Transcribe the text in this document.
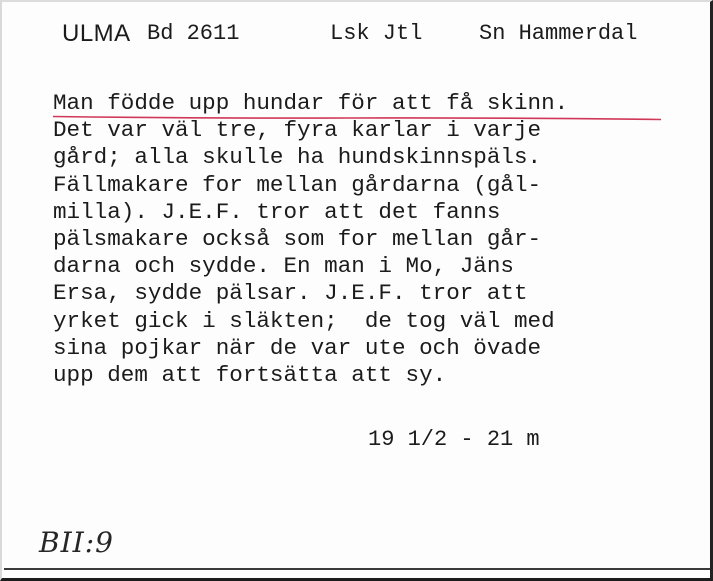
ULMA Bd 2611	Lsk Jtl	Sn Hammerdal
Man födde upp hundar för att få skinn.
Det var väl tre, fyra karlar i varje
gård; alla skulle ha hundskinnspäls.
Fällmakare for mellan gårdarna (gål-
milla). J.E.F. tror att det fanns
pälsmakare också som for mellan går-
darna och sydde. En man i Mo, Jäns
Ersa, sydde pälsar. J.E.F. tror att
yrket gick i släkten;  de tog väl med
sina pojkar när de var ute och övade
upp dem att fortsätta att sy.
19 1/2 - 21 m
BII:9
